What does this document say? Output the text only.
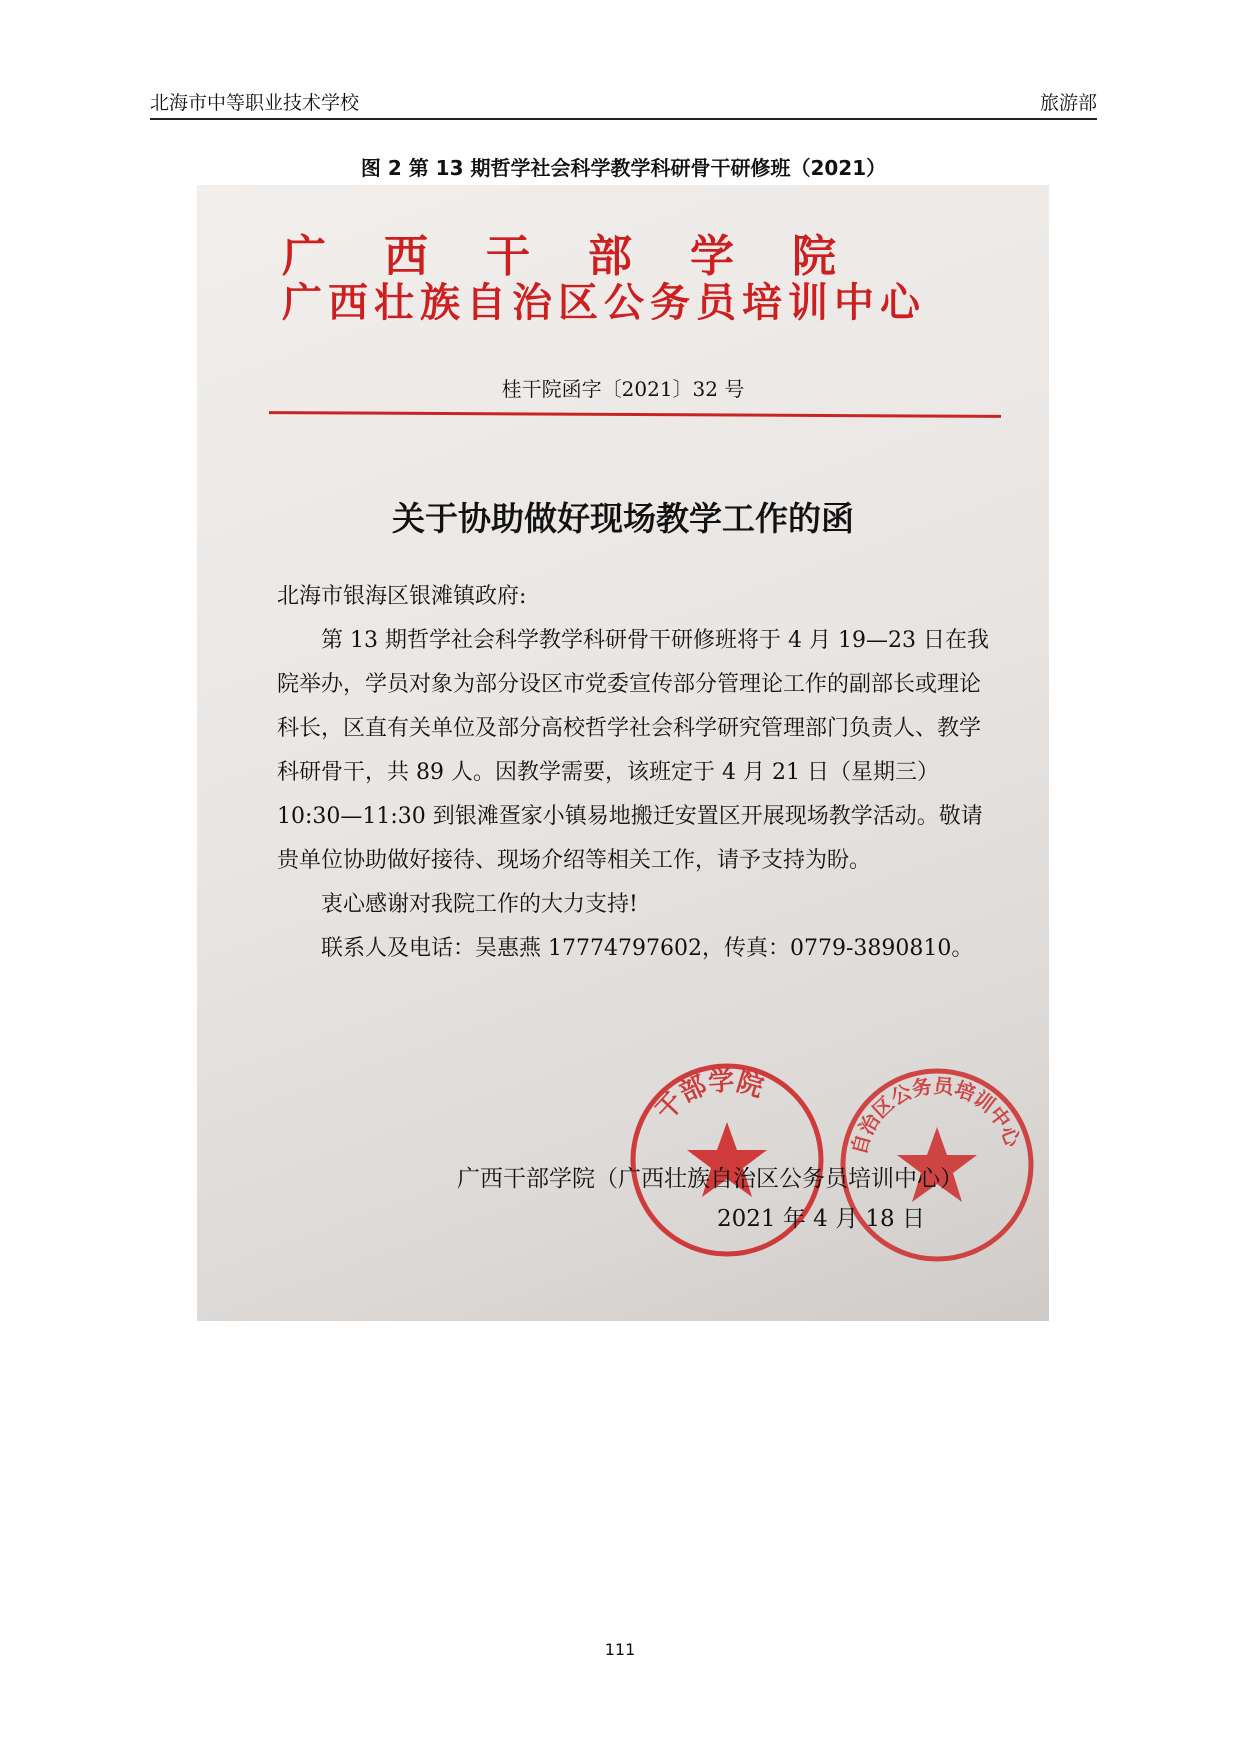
北海市中等职业技术学校	旅游部
图 2 第 13 期哲学社会科学教学科研骨干研修班（2021）
广西干部学院
广西壮族自治区公务员培训中心
桂干院函字〔2021〕32 号
关于协助做好现场教学工作的函

北海市银海区银滩镇政府:

第 13 期哲学社会科学教学科研骨干研修班将于 4 月 19—23 日在我院举办，学员对象为部分设区市党委宣传部分管理论工作的副部长或理论科长，区直有关单位及部分高校哲学社会科学研究管理部门负责人、教学科研骨干，共 89 人。因教学需要，该班定于 4 月 21 日（星期三）10:30—11:30 到银滩疍家小镇易地搬迁安置区开展现场教学活动。敬请贵单位协助做好接待、现场介绍等相关工作，请予支持为盼。

衷心感谢对我院工作的大力支持!

联系人及电话：吴惠燕 17774797602，传真：0779-3890810。

干部学院
自治区公务员培训中心
广西干部学院（广西壮族自治区公务员培训中心）
2021 年 4 月 18 日
111
